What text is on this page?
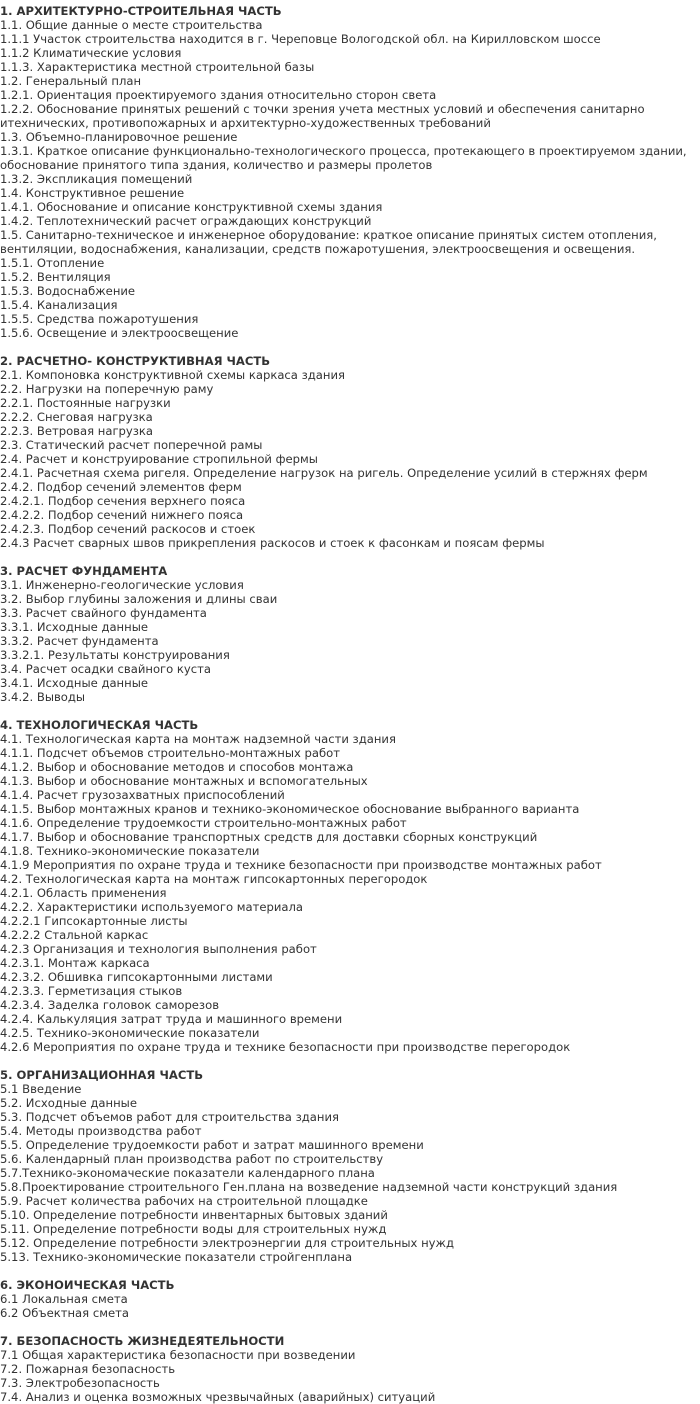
1. АРХИТЕКТУРНО-СТРОИТЕЛЬНАЯ ЧАСТЬ
1.1. Общие данные о месте строительства
1.1.1 Участок строительства находится в г. Череповце Вологодской обл. на Кирилловском шоссе
1.1.2 Климатические условия
1.1.3. Характеристика местной строительной базы
1.2. Генеральный план
1.2.1. Ориентация проектируемого здания относительно сторон света
1.2.2. Обоснование принятых решений с точки зрения учета местных условий и обеспечения санитарно итехнических, противопожарных и архитектурно-художественных требований
1.3. Объемно-планировочное решение
1.3.1. Краткое описание функционально-технологического процесса, протекающего в проектируемом здании, обоснование принятого типа здания, количество и размеры пролетов
1.3.2. Экспликация помещений
1.4. Конструктивное решение
1.4.1. Обоснование и описание конструктивной схемы здания
1.4.2. Теплотехнический расчет ограждающих конструкций
1.5. Санитарно-техническое и инженерное оборудование: краткое описание принятых систем отопления, вентиляции, водоснабжения, канализации, средств пожаротушения, электроосвещения и освещения.
1.5.1. Отопление
1.5.2. Вентиляция
1.5.3. Водоснабжение
1.5.4. Канализация
1.5.5. Средства пожаротушения
1.5.6. Освещение и электроосвещение
2. РАСЧЕТНО- КОНСТРУКТИВНАЯ ЧАСТЬ
2.1. Компоновка конструктивной схемы каркаса здания
2.2. Нагрузки на поперечную раму
2.2.1. Постоянные нагрузки
2.2.2. Снеговая нагрузка
2.2.3. Ветровая нагрузка
2.3. Статический расчет поперечной рамы
2.4. Расчет и конструирование стропильной фермы
2.4.1. Расчетная схема ригеля. Определение нагрузок на ригель. Определение усилий в стержнях ферм
2.4.2. Подбор сечений элементов ферм
2.4.2.1. Подбор сечения верхнего пояса
2.4.2.2. Подбор сечений нижнего пояса
2.4.2.3. Подбор сечений раскосов и стоек
2.4.3 Расчет сварных швов прикрепления раскосов и стоек к фасонкам и поясам фермы
3. РАСЧЕТ ФУНДАМЕНТА
3.1. Инженерно-геологические условия
3.2. Выбор глубины заложения и длины сваи
3.3. Расчет свайного фундамента
3.3.1. Исходные данные
3.3.2. Расчет фундамента
3.3.2.1. Результаты конструирования
3.4. Расчет осадки свайного куста
3.4.1. Исходные данные
3.4.2. Выводы
4. ТЕХНОЛОГИЧЕСКАЯ ЧАСТЬ
4.1. Технологическая карта на монтаж надземной части здания
4.1.1. Подсчет объемов строительно-монтажных работ
4.1.2. Выбор и обоснование методов и способов монтажа
4.1.3. Выбор и обоснование монтажных и вспомогательных
4.1.4. Расчет грузозахватных приспособлений
4.1.5. Выбор монтажных кранов и технико-экономическое обоснование выбранного варианта
4.1.6. Определение трудоемкости строительно-монтажных работ
4.1.7. Выбор и обоснование транспортных средств для доставки сборных конструкций
4.1.8. Технико-экономические показатели
4.1.9 Мероприятия по охране труда и технике безопасности при производстве монтажных работ
4.2. Технологическая карта на монтаж гипсокартонных перегородок
4.2.1. Область применения
4.2.2. Характеристики используемого материала
4.2.2.1 Гипсокартонные листы
4.2.2.2 Стальной каркас
4.2.3 Организация и технология выполнения работ
4.2.3.1. Монтаж каркаса
4.2.3.2. Обшивка гипсокартонными листами
4.2.3.3. Герметизация стыков
4.2.3.4. Заделка головок саморезов
4.2.4. Калькуляция затрат труда и машинного времени
4.2.5. Технико-экономические показатели
4.2.6 Мероприятия по охране труда и технике безопасности при производстве перегородок
5. ОРГАНИЗАЦИОННАЯ ЧАСТЬ
5.1 Введение
5.2. Исходные данные
5.3. Подсчет объемов работ для строительства здания
5.4. Методы производства работ
5.5. Определение трудоемкости работ и затрат машинного времени
5.6. Календарный план производства работ по строительству
5.7.Технико-экономачеcкие показатели календарного плана
5.8.Проектирование строительного Ген.плана на возведение надземной части конструкций здания
5.9. Расчет количества рабочих на строительной площадке
5.10. Определение потребности инвентарных бытовых зданий
5.11. Определение потребности воды для строительных нужд
5.12. Определение потребности электроэнергии для строительных нужд
5.13. Технико-экономические показатели стройгенплана
6. ЭКОНОИЧЕСКАЯ ЧАСТЬ
6.1 Локальная смета
6.2 Объектная смета
7. БЕЗОПАСНОСТЬ ЖИЗНЕДЕЯТЕЛЬНОСТИ
7.1 Общая характеристика безопасности при возведении
7.2. Пожарная безопасность
7.3. Электробезопасность
7.4. Анализ и оценка возможных чрезвычайных (аварийных) ситуаций
